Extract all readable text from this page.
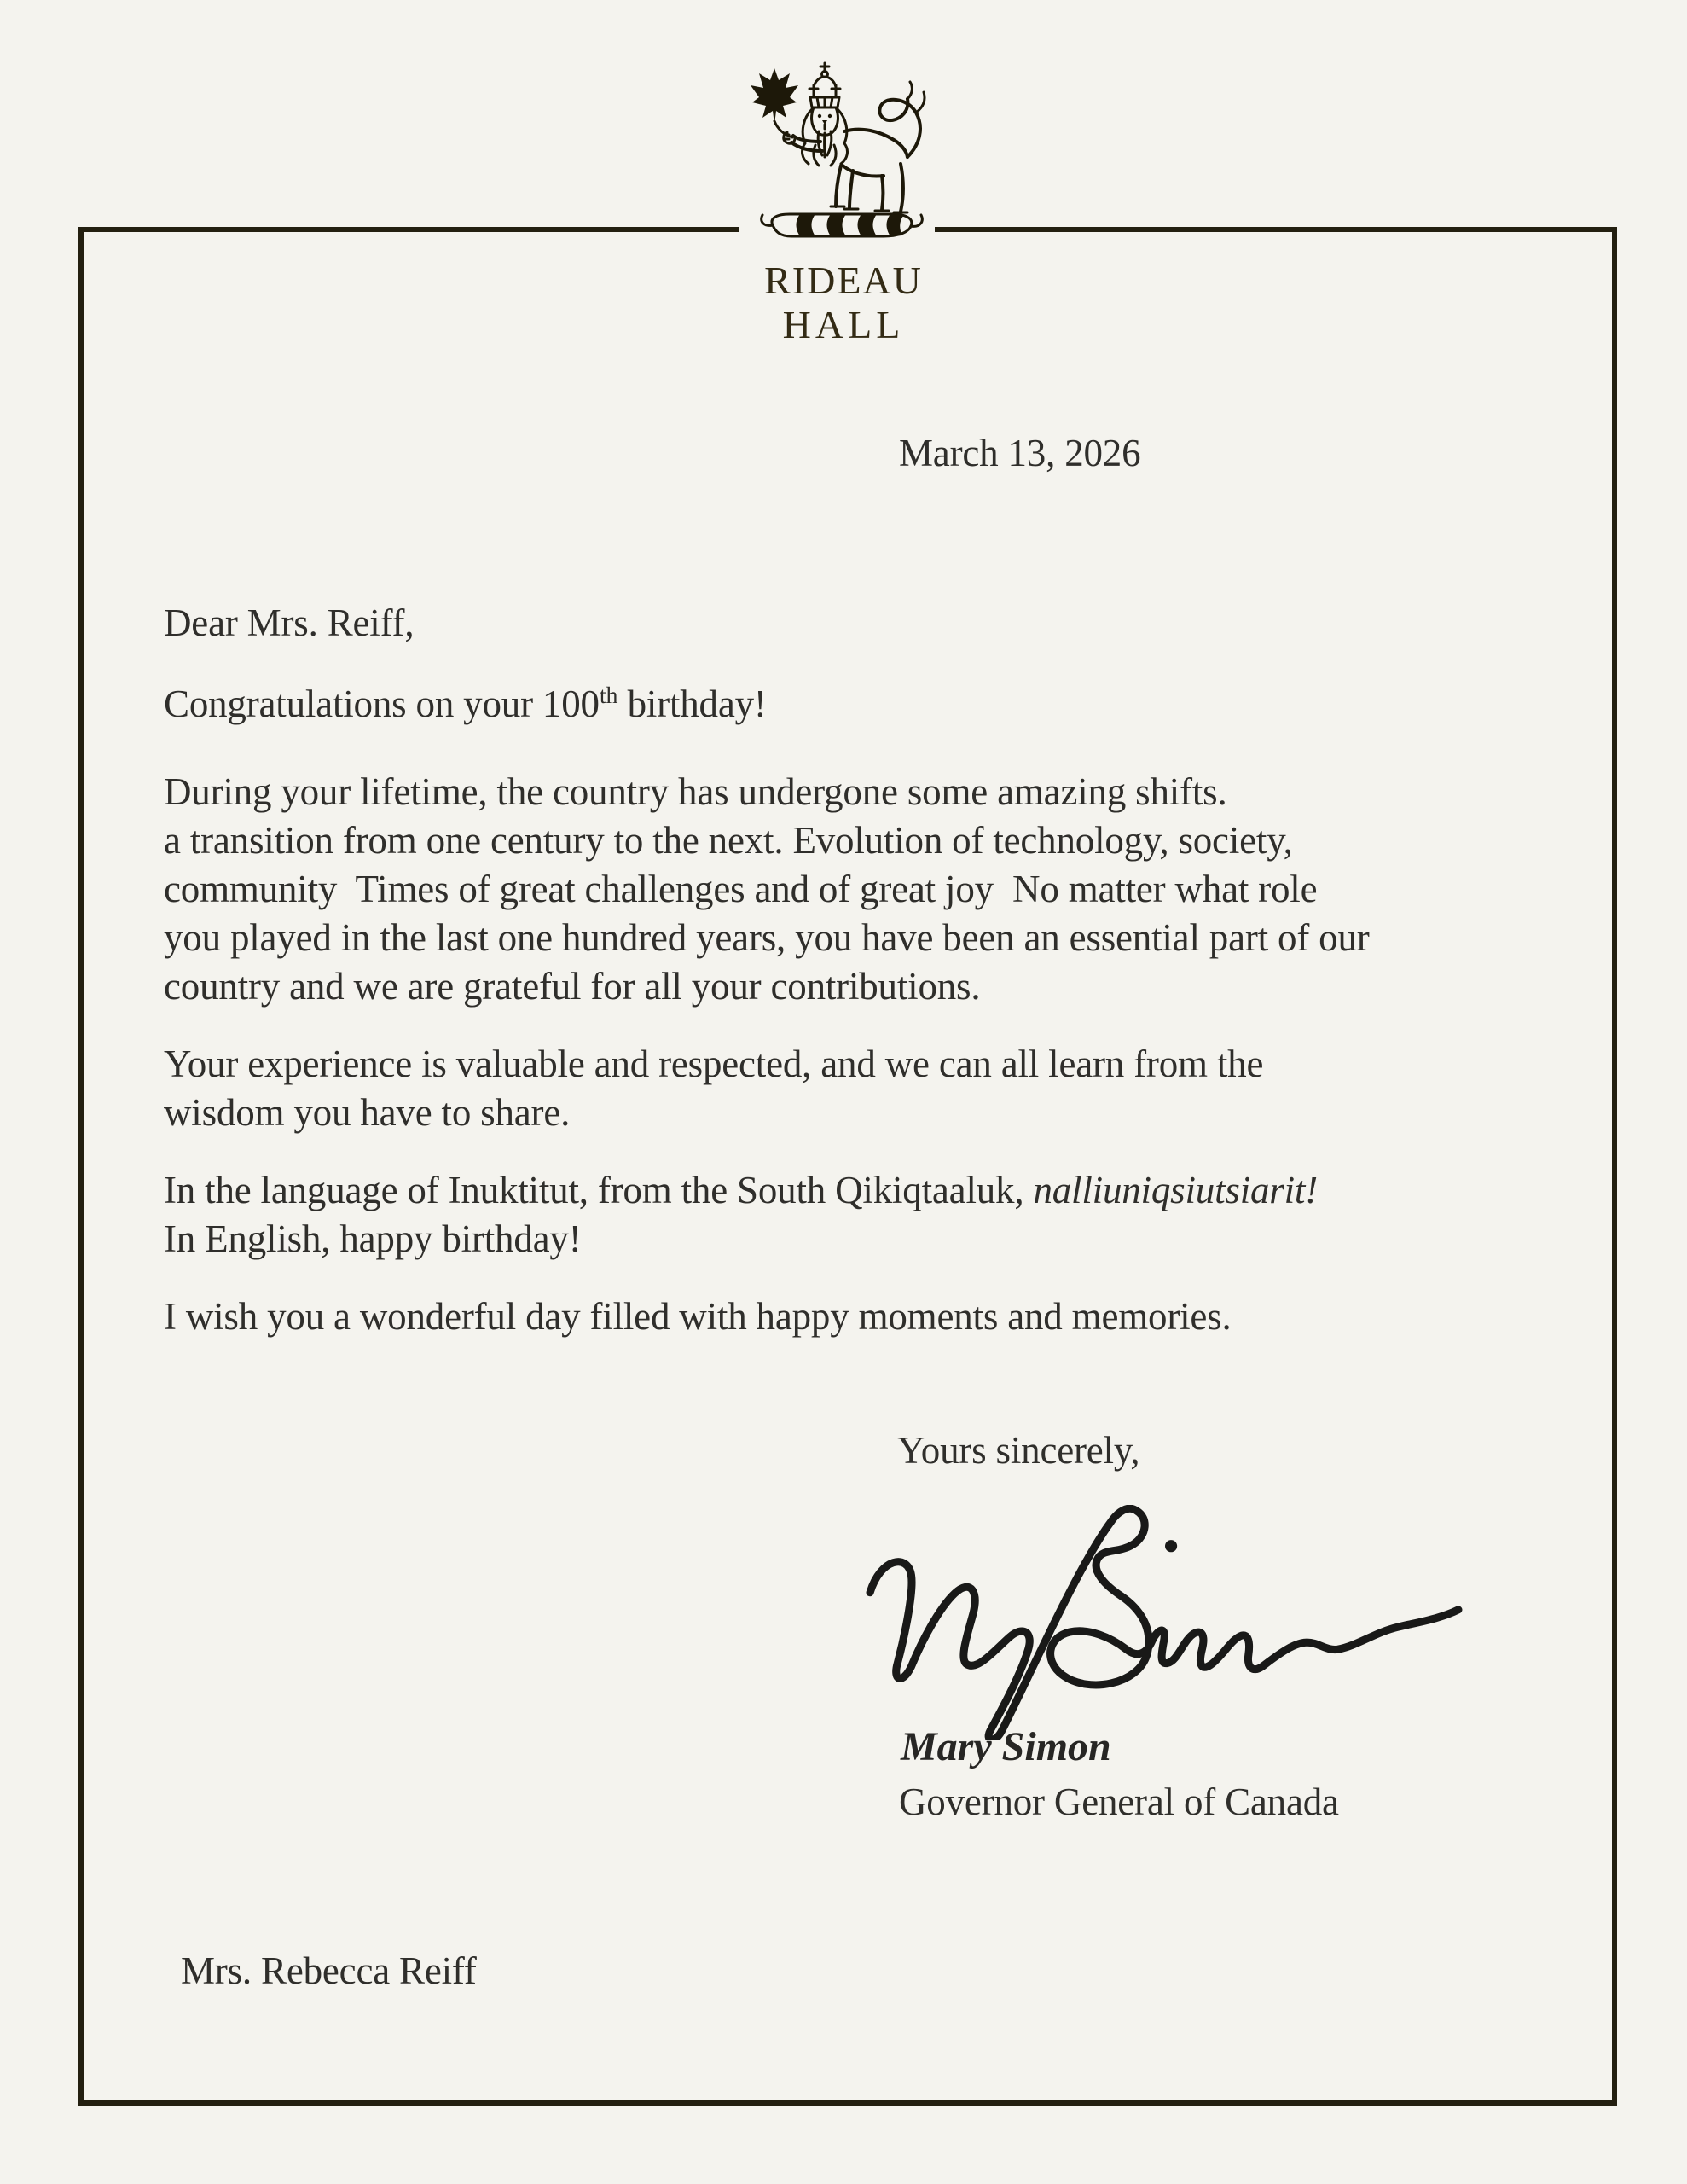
RIDEAU
HALL
March 13, 2026
Dear Mrs. Reiff,
Congratulations on your 100th birthday!
During your lifetime, the country has undergone some amazing shifts.
a transition from one century to the next. Evolution of technology, society,
community  Times of great challenges and of great joy  No matter what role
you played in the last one hundred years, you have been an essential part of our
country and we are grateful for all your contributions.
Your experience is valuable and respected, and we can all learn from the
wisdom you have to share.
In the language of Inuktitut, from the South Qikiqtaaluk, nalliuniqsiutsiarit!
In English, happy birthday!
I wish you a wonderful day filled with happy moments and memories.
Yours sincerely,
Mary Simon
Governor General of Canada
Mrs. Rebecca Reiff
